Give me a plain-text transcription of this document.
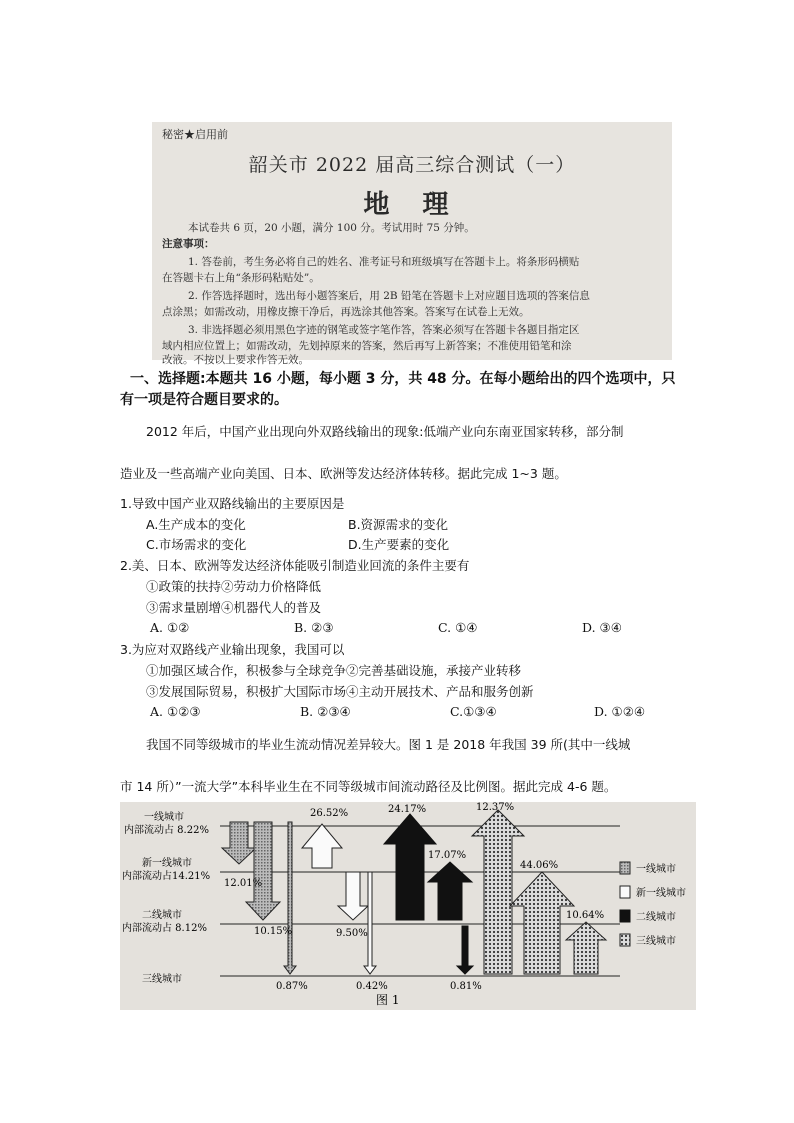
秘密★启用前
韶关市 2022 届高三综合测试（一）
地 理
本试卷共 6 页，20 小题，满分 100 分。考试用时 75 分钟。
注意事项：
1. 答卷前，考生务必将自己的姓名、准考证号和班级填写在答题卡上。将条形码横贴
在答题卡右上角“条形码粘贴处”。
2. 作答选择题时，选出每小题答案后，用 2B 铅笔在答题卡上对应题目选项的答案信息
点涂黑；如需改动，用橡皮擦干净后，再选涂其他答案。答案写在试卷上无效。
3. 非选择题必须用黑色字迹的钢笔或签字笔作答，答案必须写在答题卡各题目指定区
域内相应位置上；如需改动，先划掉原来的答案，然后再写上新答案；不准使用铅笔和涂
改液。不按以上要求作答无效。
一、选择题:本题共 16 小题，每小题 3 分，共 48 分。在每小题给出的四个选项中，只
有一项是符合题目要求的。
2012 年后，中国产业出现向外双路线输出的现象:低端产业向东南亚国家转移，部分制
造业及一些高端产业向美国、日本、欧洲等发达经济体转移。据此完成 1~3 题。
1.导致中国产业双路线输出的主要原因是
A.生产成本的变化	B.资源需求的变化
C.市场需求的变化	D.生产要素的变化
2.美、日本、欧洲等发达经济体能吸引制造业回流的条件主要有
①政策的扶持②劳动力价格降低
③需求量剧增④机器代人的普及
A. ①②	B. ②③	C. ①④	D. ③④
3.为应对双路线产业输出现象，我国可以
①加强区域合作，积极参与全球竞争②完善基础设施，承接产业转移
③发展国际贸易，积极扩大国际市场④主动开展技术、产品和服务创新
A. ①②③	B. ②③④	C.①③④	D. ①②④
我国不同等级城市的毕业生流动情况差异较大。图 1 是 2018 年我国 39 所(其中一线城
市 14 所）”一流大学”本科毕业生在不同等级城市间流动路径及比例图。据此完成 4-6 题。
一线城市
内部流动占 8.22%
新一线城市
内部流动占14.21%
二线城市
内部流动占 8.12%
三线城市
12.01%
10.15%
0.87%
26.52%
9.50%
0.42%
24.17%
17.07%
0.81%
12.37%
44.06%
10.64%
一线城市
新一线城市
二线城市
三线城市
图 1
